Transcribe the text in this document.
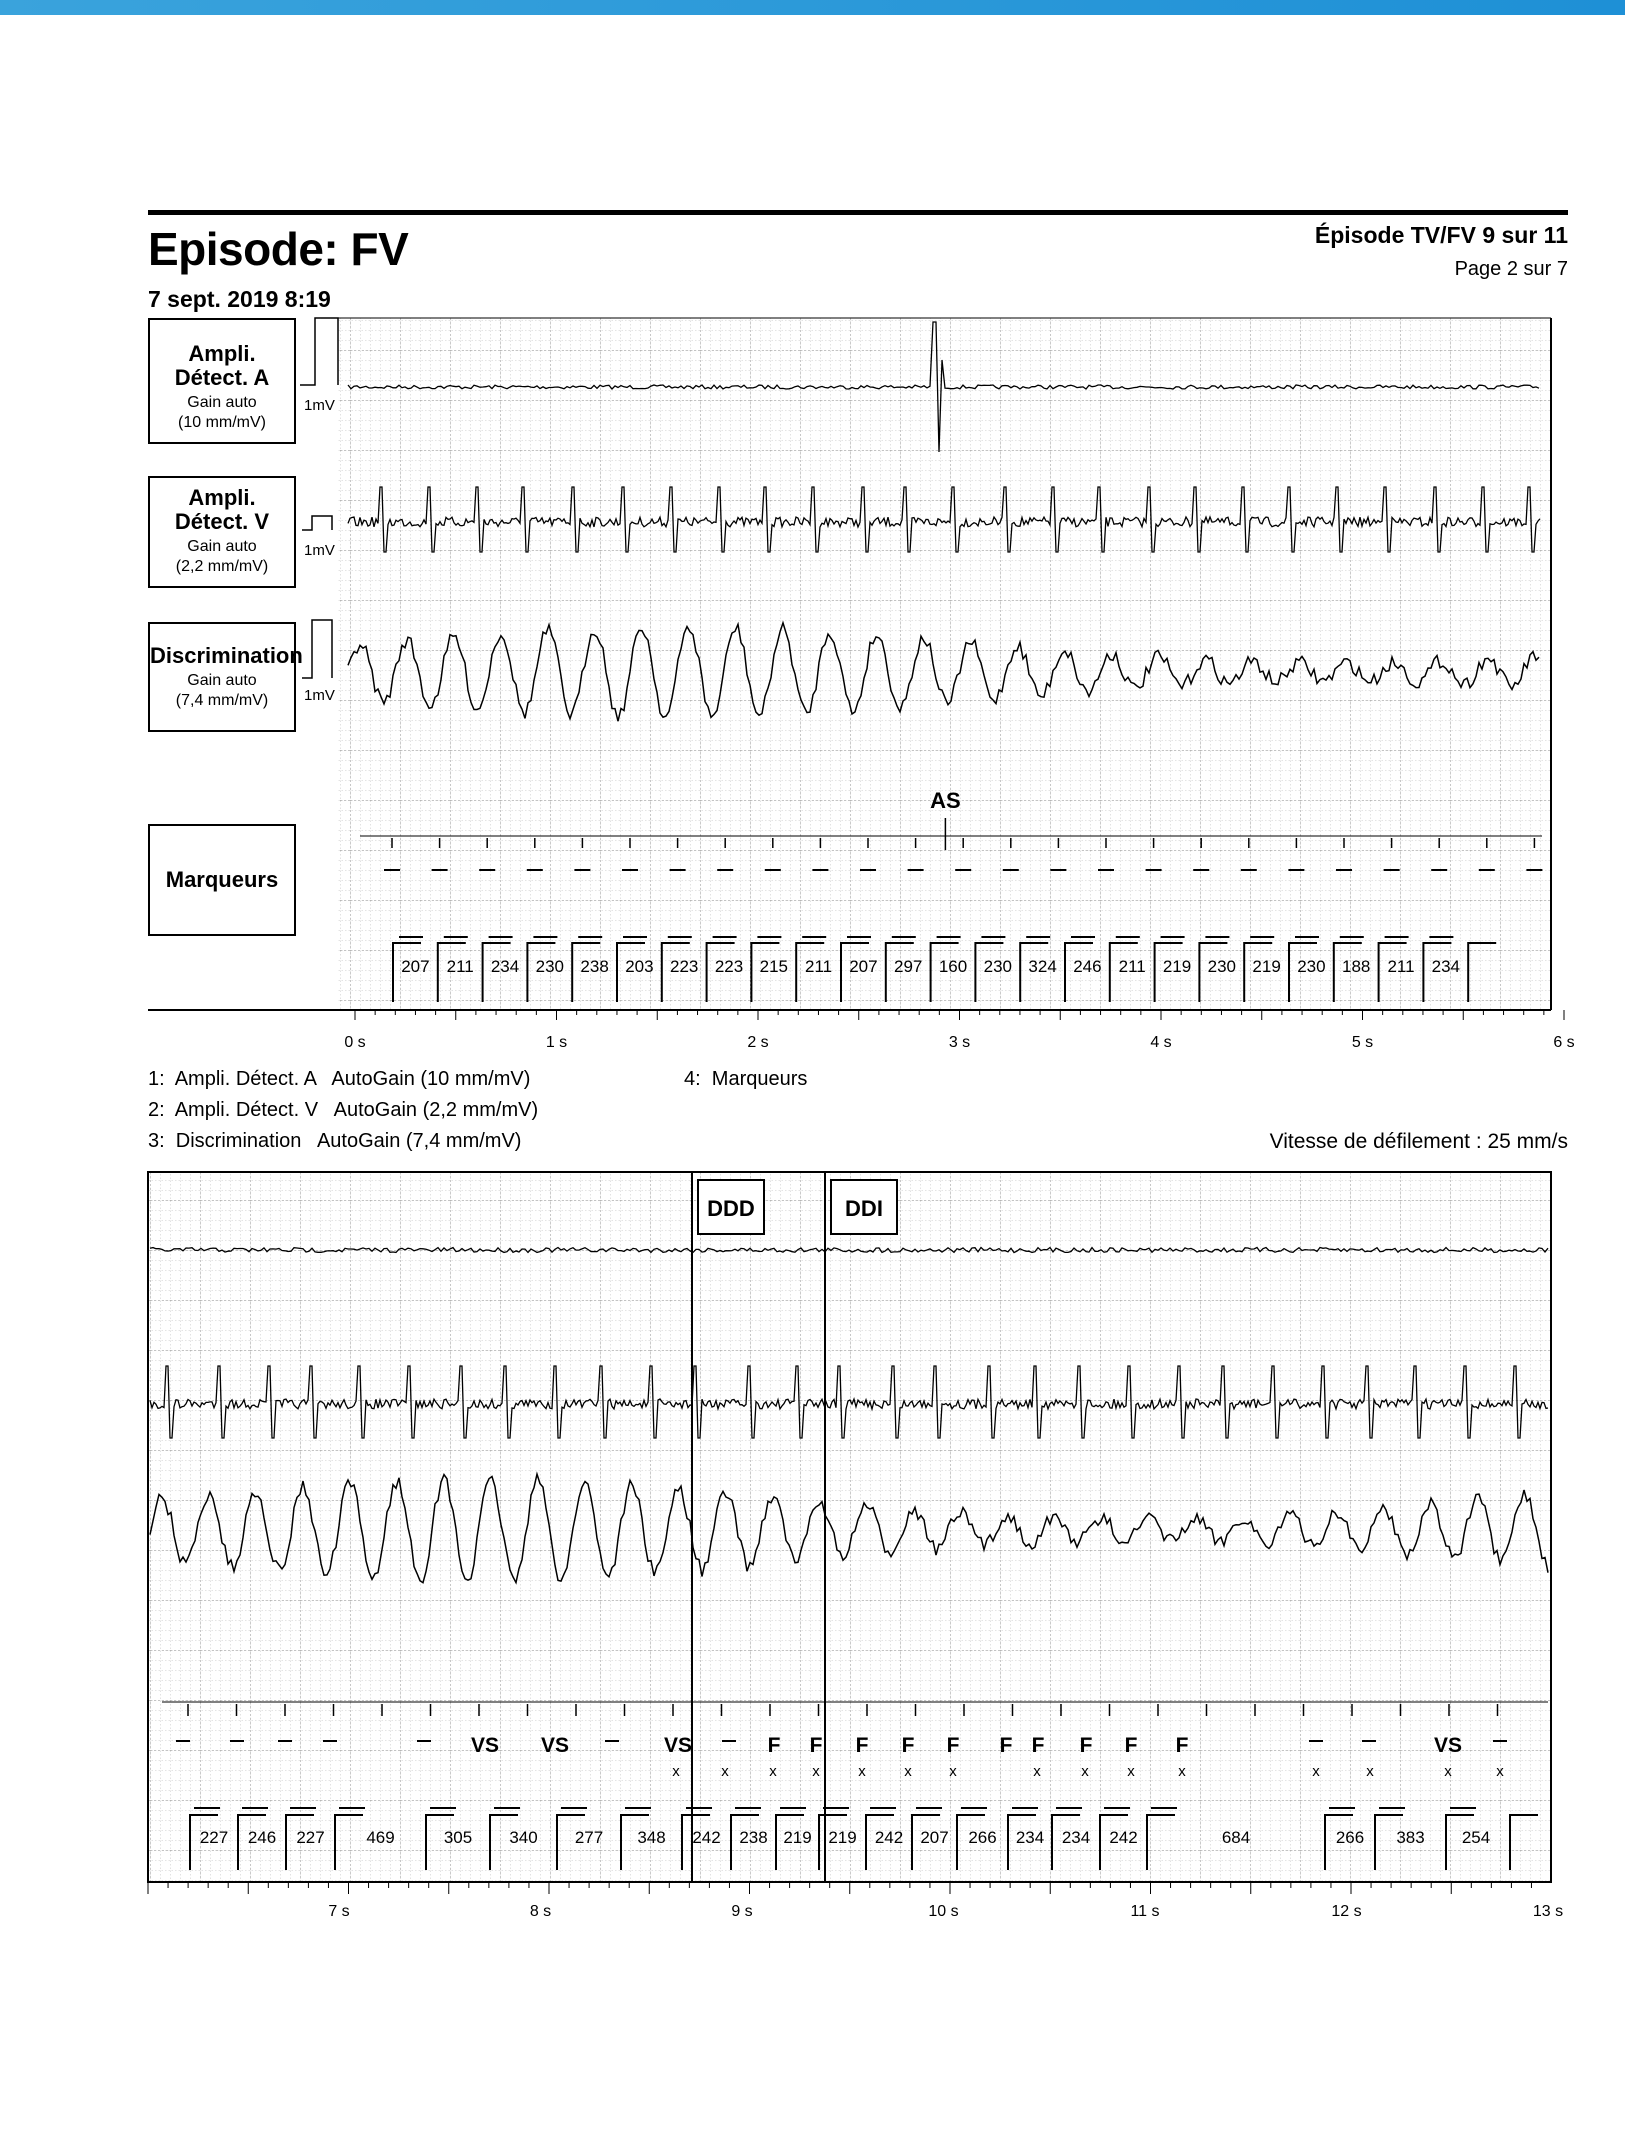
Episode: FV
7 sept. 2019 8:19
Épisode TV/FV 9 sur 11
Page 2 sur 7
Ampli. Détect. A
Gain auto
(10 mm/mV)
Ampli. Détect. V
Gain auto
(2,2 mm/mV)
Discrimination
Gain auto
(7,4 mm/mV)
Marqueurs
1:  Ampli. Détect. A   AutoGain (10 mm/mV)
2:  Ampli. Détect. V   AutoGain (2,2 mm/mV)
3:  Discrimination   AutoGain (7,4 mm/mV)
4:  Marqueurs
Vitesse de défilement : 25 mm/s
1mV
1mV
1mV
AS
207 211 234 230 238 203 223 223 215 211 207 297 160 230 324 246 211 219 230 219 230 188 211 234
0 s	1 s	2 s	3 s	4 s	5 s	6 s
DDD	DDI
VS VS	VS	F F F F F F F F F F	VS
x	x	x x	x	x	x	x	x	x	x	x	x	x	x
227 246 227 469	305 340 277 348 242 238 219 219 242 207 266 234 234 242	684	266 383 254
7 s	8 s	9 s	10 s	11 s	12 s	13 s
